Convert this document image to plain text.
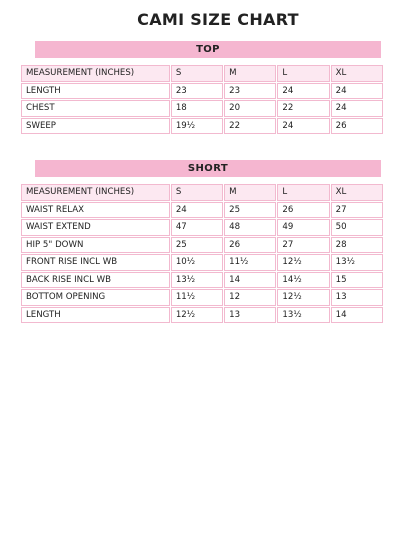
CAMI SIZE CHART
TOP
MEASUREMENT (INCHES)	S	M	L	XL
LENGTH	23	23	24	24
CHEST	18	20	22	24
SWEEP	19½	22	24	26
SHORT
MEASUREMENT (INCHES)	S	M	L	XL
WAIST RELAX	24	25	26	27
WAIST EXTEND	47	48	49	50
HIP 5" DOWN	25	26	27	28
FRONT RISE INCL WB	10½	11½	12½	13½
BACK RISE INCL WB	13½	14	14½	15
BOTTOM OPENING	11½	12	12½	13
LENGTH	12½	13	13½	14
